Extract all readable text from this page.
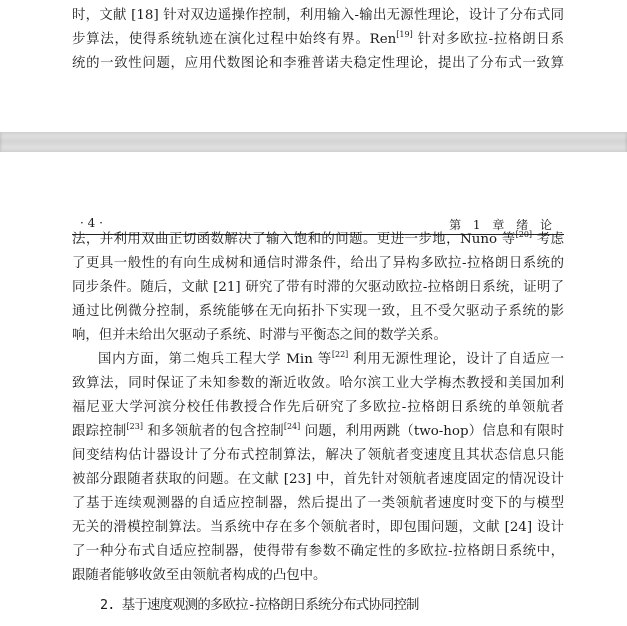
时，文献 [18] 针对双边遥操作控制，利用输入-输出无源性理论，设计了分布式同
步算法，使得系统轨迹在演化过程中始终有界。Ren[19] 针对多欧拉-拉格朗日系
统的一致性问题，应用代数图论和李雅普诺夫稳定性理论，提出了分布式一致算
· 4 ·	第 1 章 绪 论
法，并利用双曲正切函数解决了输入饱和的问题。更进一步地，Nuno 等[20] 考虑
了更具一般性的有向生成树和通信时滞条件，给出了异构多欧拉-拉格朗日系统的
同步条件。随后，文献 [21] 研究了带有时滞的欠驱动欧拉-拉格朗日系统，证明了
通过比例微分控制，系统能够在无向拓扑下实现一致，且不受欠驱动子系统的影
响，但并未给出欠驱动子系统、时滞与平衡态之间的数学关系。
国内方面，第二炮兵工程大学 Min 等[22] 利用无源性理论，设计了自适应一
致算法，同时保证了未知参数的渐近收敛。哈尔滨工业大学梅杰教授和美国加利
福尼亚大学河滨分校任伟教授合作先后研究了多欧拉-拉格朗日系统的单领航者
跟踪控制[23] 和多领航者的包含控制[24] 问题，利用两跳（two-hop）信息和有限时
间变结构估计器设计了分布式控制算法，解决了领航者变速度且其状态信息只能
被部分跟随者获取的问题。在文献 [23] 中，首先针对领航者速度固定的情况设计
了基于连续观测器的自适应控制器，然后提出了一类领航者速度时变下的与模型
无关的滑模控制算法。当系统中存在多个领航者时，即包围问题，文献 [24] 设计
了一种分布式自适应控制器，使得带有参数不确定性的多欧拉-拉格朗日系统中，
跟随者能够收敛至由领航者构成的凸包中。
2. 基于速度观测的多欧拉-拉格朗日系统分布式协同控制
